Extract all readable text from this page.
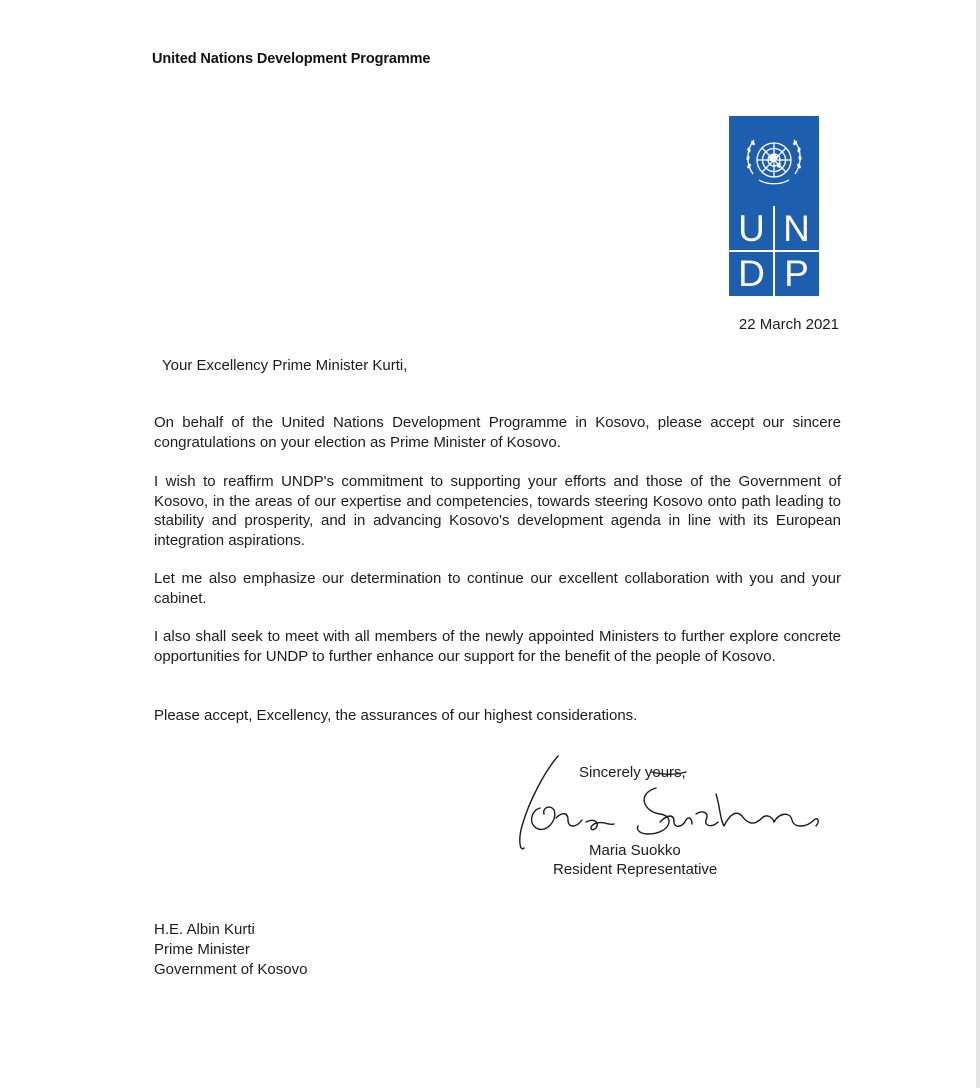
United Nations Development Programme
U N
D P
22 March 2021
Your Excellency Prime Minister Kurti,

On behalf of the United Nations Development Programme in Kosovo, please accept our sincere congratulations on your election as Prime Minister of Kosovo.

I wish to reaffirm UNDP's commitment to supporting your efforts and those of the Government of Kosovo, in the areas of our expertise and competencies, towards steering Kosovo onto path leading to stability and prosperity, and in advancing Kosovo's development agenda in line with its European integration aspirations.

Let me also emphasize our determination to continue our excellent collaboration with you and your cabinet.

I also shall seek to meet with all members of the newly appointed Ministers to further explore concrete opportunities for UNDP to further enhance our support for the benefit of the people of Kosovo.

Please accept, Excellency, the assurances of our highest considerations.

Sincerely yours,
Maria Suokko
Resident Representative
H.E. Albin Kurti
Prime Minister
Government of Kosovo
